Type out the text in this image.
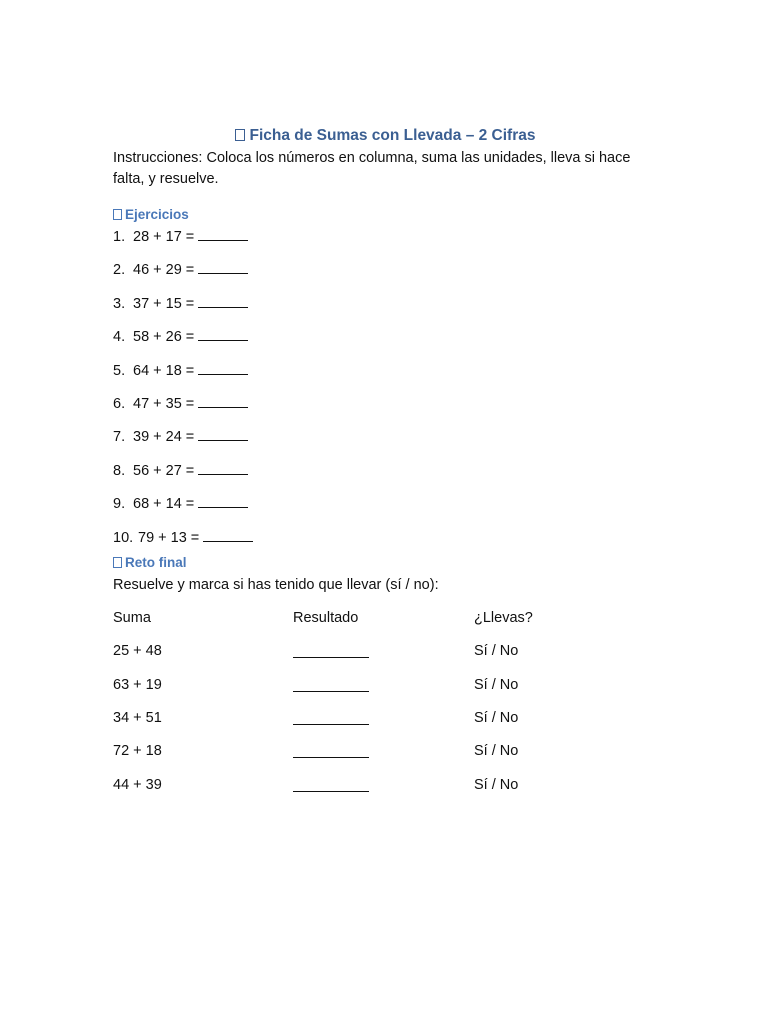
Ficha de Sumas con Llevada – 2 Cifras

Instrucciones: Coloca los números en columna, suma las unidades, lleva si hace falta, y resuelve.

Ejercicios
1. 28 + 17 =
2. 46 + 29 =
3. 37 + 15 =
4. 58 + 26 =
5. 64 + 18 =
6. 47 + 35 =
7. 39 + 24 =
8. 56 + 27 =
9. 68 + 14 =
10. 79 + 13 =
Reto final

Resuelve y marca si has tenido que llevar (sí / no):

Suma	Resultado	¿Llevas?
25 + 48		Sí / No
63 + 19		Sí / No
34 + 51		Sí / No
72 + 18		Sí / No
44 + 39		Sí / No
